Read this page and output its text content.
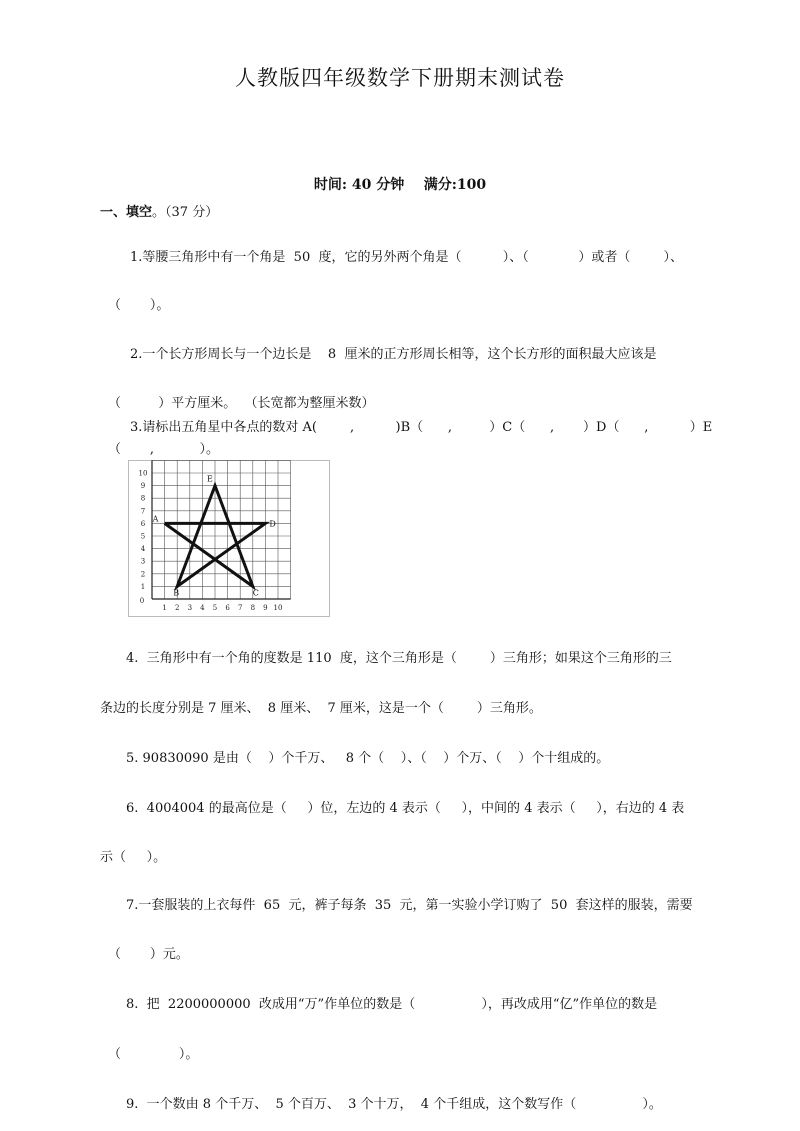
人教版四年级数学下册期末测试卷
时间: 40 分钟    满分:100
一、填空。（37 分）
1.等腰三角形中有一个角是  50  度，它的另外两个角是（          ）、（            ）或者（        ）、
（       ）。
2.一个长方形周长与一个边长是    8  厘米的正方形周长相等，这个长方形的面积最大应该是
（         ）平方厘米。  （长宽都为整厘米数）
3.请标出五角星中各点的数对 A(        ,          )B（      ,         ）C（      ,       ）D（      ,          ）E
（       ,           ）。
1 2 3 4 5 6 7 8 9 10
1
2
3
4
5
6
7
8
9
10
0
A
E
D
B	C
4.  三角形中有一个角的度数是 110  度，这个三角形是（        ）三角形；如果这个三角形的三
条边的长度分别是 7 厘米、  8 厘米、  7 厘米，这是一个（        ）三角形。
5. 90830090 是由（    ）个千万、   8 个（    ）、（    ）个万、（    ）个十组成的。
6.  4004004 的最高位是（     ）位，左边的 4 表示（     ），中间的 4 表示（     ），右边的 4 表
示（     ）。
7.一套服装的上衣每件  65  元，裤子每条  35  元，第一实验小学订购了  50  套这样的服装，需要
（       ）元。
8.  把  2200000000  改成用“万”作单位的数是（                ），再改成用“亿”作单位的数是
（              ）。
9.  一个数由 8 个千万、  5 个百万、  3 个十万，  4 个千组成，这个数写作（                ）。
